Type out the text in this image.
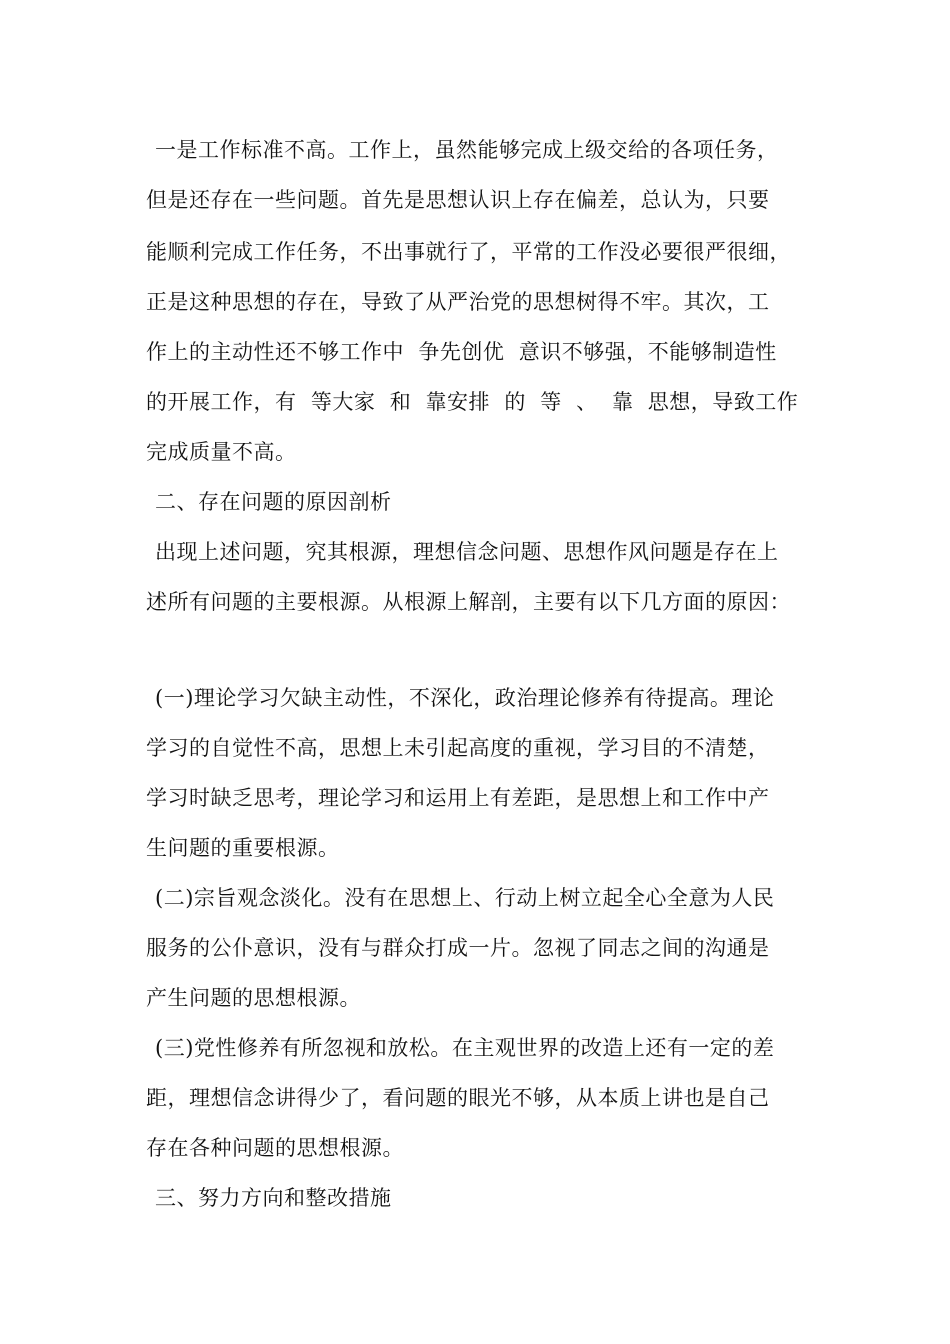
一是工作标准不高。工作上，虽然能够完成上级交给的各项任务，
但是还存在一些问题。首先是思想认识上存在偏差，总认为，只要
能顺利完成工作任务，不出事就行了，平常的工作没必要很严很细，
正是这种思想的存在，导致了从严治党的思想树得不牢。其次，工
作上的主动性还不够工作中  争先创优  意识不够强，不能够制造性
的开展工作，有  等大家  和  靠安排  的  等  、  靠  思想，导致工作
完成质量不高。
二、存在问题的原因剖析
出现上述问题，究其根源，理想信念问题、思想作风问题是存在上
述所有问题的主要根源。从根源上解剖，主要有以下几方面的原因：
(一)理论学习欠缺主动性，不深化，政治理论修养有待提高。理论
学习的自觉性不高，思想上未引起高度的重视，学习目的不清楚，
学习时缺乏思考，理论学习和运用上有差距，是思想上和工作中产
生问题的重要根源。
(二)宗旨观念淡化。没有在思想上、行动上树立起全心全意为人民
服务的公仆意识，没有与群众打成一片。忽视了同志之间的沟通是
产生问题的思想根源。
(三)党性修养有所忽视和放松。在主观世界的改造上还有一定的差
距，理想信念讲得少了，看问题的眼光不够，从本质上讲也是自己
存在各种问题的思想根源。
三、努力方向和整改措施
